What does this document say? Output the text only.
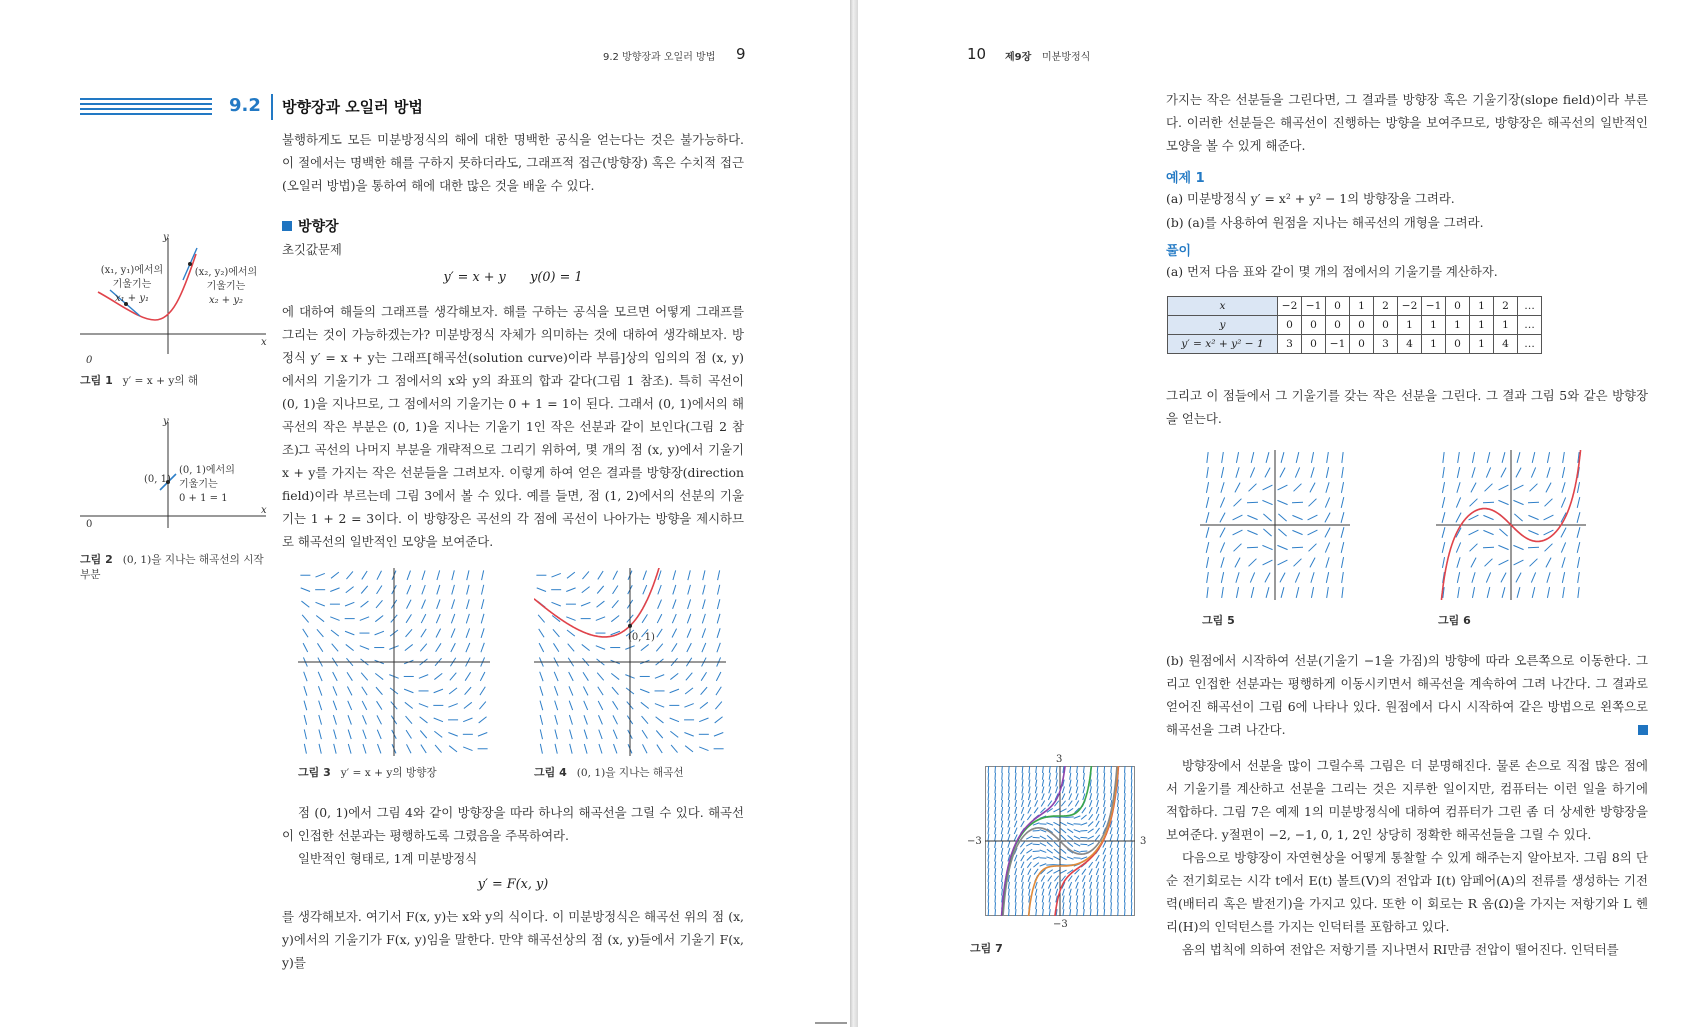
9.2 방향장과 오일러 방법 9
9.2 방향장과 오일러 방법
불행하게도 모든 미분방정식의 해에 대한 명백한 공식을 얻는다는 것은 불가능하다. 이 절에서는 명백한 해를 구하지 못하더라도, 그래프적 접근(방향장) 혹은 수치적 접근(오일러 방법)을 통하여 해에 대한 많은 것을 배울 수 있다.
방향장
초깃값문제
y′ = x + y      y(0) = 1
에 대하여 해들의 그래프를 생각해보자. 해를 구하는 공식을 모르면 어떻게 그래프를 그리는 것이 가능하겠는가? 미분방정식 자체가 의미하는 것에 대하여 생각해보자. 방정식 y′ = x + y는 그래프[해곡선(solution curve)이라 부름]상의 임의의 점 (x, y)에서의 기울기가 그 점에서의 x와 y의 좌표의 합과 같다(그림 1 참조). 특히 곡선이 (0, 1)을 지나므로, 그 점에서의 기울기는 0 + 1 = 1이 된다. 그래서 (0, 1)에서의 해곡선의 작은 부분은 (0, 1)을 지나는 기울기 1인 작은 선분과 같이 보인다(그림 2 참조).
그 곡선의 나머지 부분을 개략적으로 그리기 위하여, 몇 개의 점 (x, y)에서 기울기 x + y를 가지는 작은 선분들을 그려보자. 이렇게 하여 얻은 결과를 방향장(direction field)이라 부르는데 그림 3에서 볼 수 있다. 예를 들면, 점 (1, 2)에서의 선분의 기울기는 1 + 2 = 3이다. 이 방향장은 곡선의 각 점에 곡선이 나아가는 방향을 제시하므로 해곡선의 일반적인 모양을 보여준다.
0
x
y
(x₁, y₁)에서의
기울기는
x₁ + y₁
(x₂, y₂)에서의
기울기는
x₂ + y₂
그림 1 y′ = x + y의 해
0
x
y
(0, 1)
(0, 1)에서의
기울기는
0 + 1 = 1
그림 2 (0, 1)을 지나는 해곡선의 시작 부분
(0, 1)
그림 3 y′ = x + y의 방향장	그림 4 (0, 1)을 지나는 해곡선
점 (0, 1)에서 그림 4와 같이 방향장을 따라 하나의 해곡선을 그릴 수 있다. 해곡선이 인접한 선분과는 평행하도록 그렸음을 주목하여라.
일반적인 형태로, 1계 미분방정식
y′ = F(x, y)
를 생각해보자. 여기서 F(x, y)는 x와 y의 식이다. 이 미분방정식은 해곡선 위의 점 (x, y)에서의 기울기가 F(x, y)임을 말한다. 만약 해곡선상의 점 (x, y)들에서 기울기 F(x, y)를
10 제9장 미분방정식
가지는 작은 선분들을 그린다면, 그 결과를 방향장 혹은 기울기장(slope field)이라 부른다. 이러한 선분들은 해곡선이 진행하는 방향을 보여주므로, 방향장은 해곡선의 일반적인 모양을 볼 수 있게 해준다.
예제 1
(a) 미분방정식 y′ = x² + y² − 1의 방향장을 그려라.
(b) (a)를 사용하여 원점을 지나는 해곡선의 개형을 그려라.
풀이
(a) 먼저 다음 표와 같이 몇 개의 점에서의 기울기를 계산하자.
x	−2	−1	0	1	2	−2	−1	0	1	2	…
y	0	0	0	0	0	1	1	1	1	1	…
y′ = x² + y² − 1	3	0	−1	0	3	4	1	0	1	4	…
그리고 이 점들에서 그 기울기를 갖는 작은 선분을 그린다. 그 결과 그림 5와 같은 방향장을 얻는다.
그림 5	그림 6
(b) 원점에서 시작하여 선분(기울기 −1을 가짐)의 방향에 따라 오른쪽으로 이동한다. 그리고 인접한 선분과는 평행하게 이동시키면서 해곡선을 계속하여 그려 나간다. 그 결과로 얻어진 해곡선이 그림 6에 나타나 있다. 원점에서 다시 시작하여 같은 방법으로 왼쪽으로 해곡선을 그려 나간다.
3
−3
−3	3
그림 7
방향장에서 선분을 많이 그릴수록 그림은 더 분명해진다. 물론 손으로 직접 많은 점에서 기울기를 계산하고 선분을 그리는 것은 지루한 일이지만, 컴퓨터는 이런 일을 하기에 적합하다. 그림 7은 예제 1의 미분방정식에 대하여 컴퓨터가 그린 좀 더 상세한 방향장을 보여준다. y절편이 −2, −1, 0, 1, 2인 상당히 정확한 해곡선들을 그릴 수 있다.
다음으로 방향장이 자연현상을 어떻게 통찰할 수 있게 해주는지 알아보자. 그림 8의 단순 전기회로는 시각 t에서 E(t) 볼트(V)의 전압과 I(t) 암페어(A)의 전류를 생성하는 기전력(배터리 혹은 발전기)을 가지고 있다. 또한 이 회로는 R 옴(Ω)을 가지는 저항기와 L 헨리(H)의 인덕턴스를 가지는 인덕터를 포함하고 있다.
옴의 법칙에 의하여 전압은 저항기를 지나면서 RI만큼 전압이 떨어진다. 인덕터를
